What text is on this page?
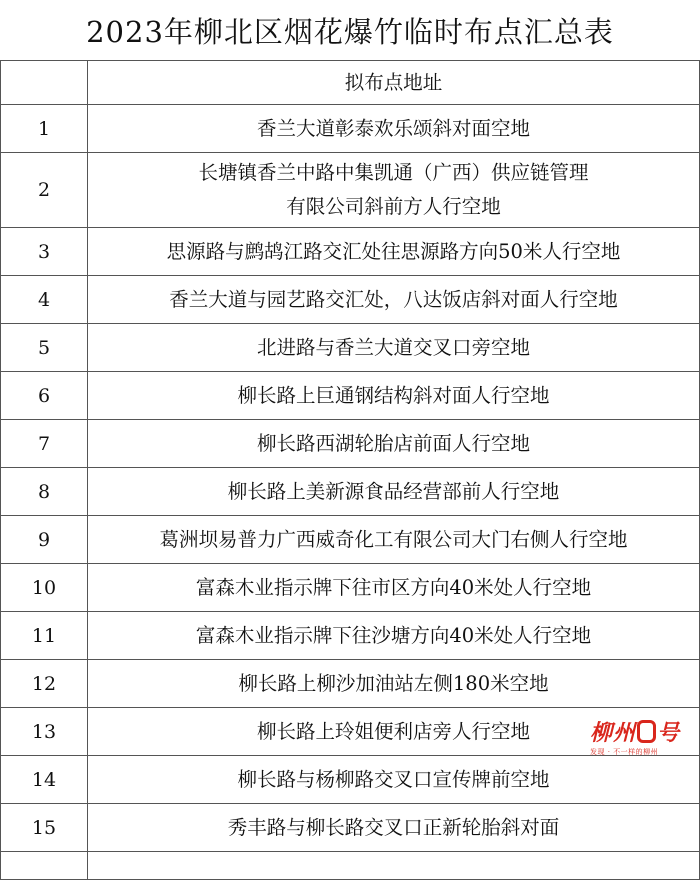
2023年柳北区烟花爆竹临时布点汇总表
	拟布点地址
1	香兰大道彰泰欢乐颂斜对面空地
2	长塘镇香兰中路中集凯通（广西）供应链管理
有限公司斜前方人行空地
3	思源路与鹧鸪江路交汇处往思源路方向50米人行空地
4	香兰大道与园艺路交汇处，八达饭店斜对面人行空地
5	北进路与香兰大道交叉口旁空地
6	柳长路上巨通钢结构斜对面人行空地
7	柳长路西湖轮胎店前面人行空地
8	柳长路上美新源食品经营部前人行空地
9	葛洲坝易普力广西威奇化工有限公司大门右侧人行空地
10	富森木业指示牌下往市区方向40米处人行空地
11	富森木业指示牌下往沙塘方向40米处人行空地
12	柳长路上柳沙加油站左侧180米空地
13	柳长路上玲姐便利店旁人行空地
14	柳长路与杨柳路交叉口宣传牌前空地
15	秀丰路与柳长路交叉口正新轮胎斜对面

柳州 号
发现 · 不一样的柳州
